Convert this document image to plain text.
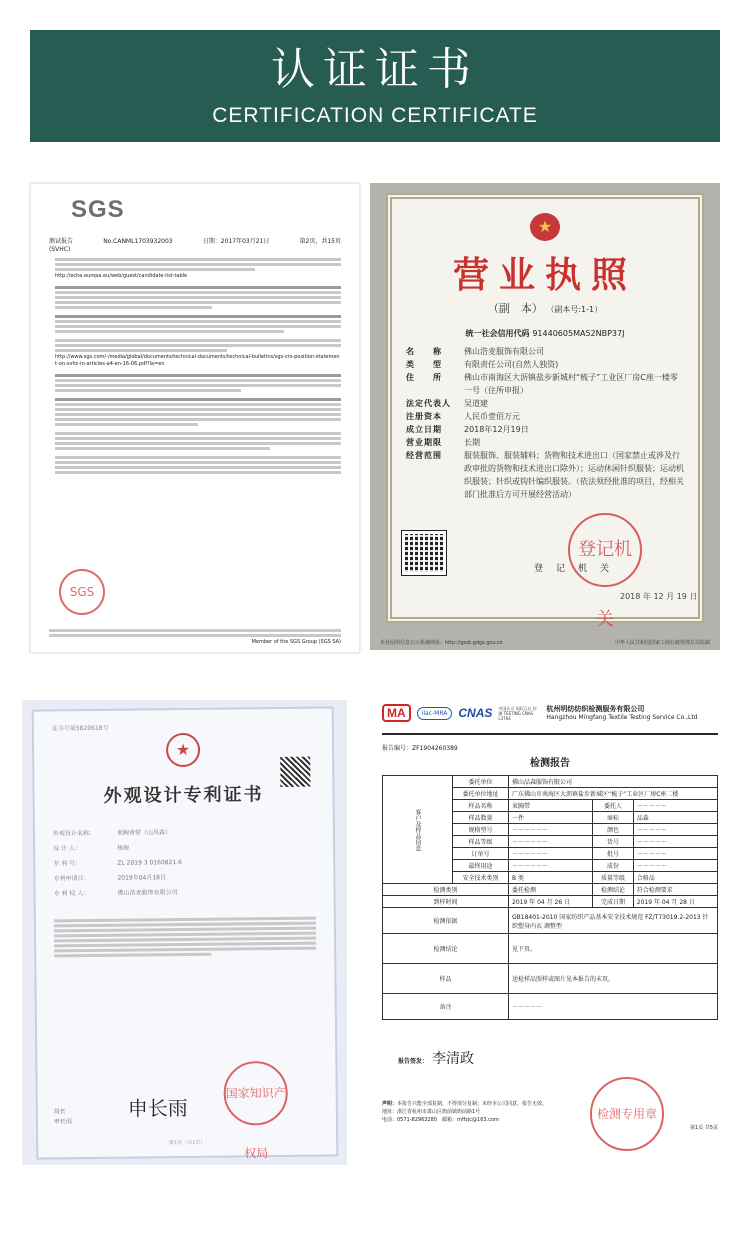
认证证书
CERTIFICATION CERTIFICATE
SGS
测试报告	No.CANML1703932003	日期：2017年03月21日	第2页，共15页
(SVHC)
http://echa.europa.eu/web/guest/candidate-list-table
http://www.sgs.com/-/media/global/documents/technical-documents/technical-bulletins/sgs-crs-position-statement-on-svhc-in-articles-a4-en-16-06.pdf?la=en
SGS
Member of the SGS Group (SGS SA)
★
营业执照
（副　本） （副本号:1-1）
统一社会信用代码 91440605MA52NBP37J
名　　称	佛山浩麦服饰有限公司
类　　型	有限责任公司(自然人独资)
住　　所	佛山市南海区大沥镇盐步新城村“梳子”工业区厂房C座一楼零一号（住所申报）
法定代表人	吴道建
注册资本	人民币壹佰万元
成立日期	2018年12月19日
营业期限	长期
经营范围	服装服饰、服装辅料；货物和技术进出口（国家禁止或涉及行政审批的货物和技术进出口除外）；运动休闲针织服装；运动机织服装；针织或钩针编织服装。（依法须经批准的项目，经相关部门批准后方可开展经营活动）
登记机关
登　记　机　关
2018 年 12 月 19 日
企业信用信息公示系统网址：http://gsxt.gdgs.gov.cn	中华人民共和国国家工商行政管理总局监制
证书号第5820618号
★
外观设计专利证书
外观设计名称：	束胸背带（山风森）
设 计 人：	杨海
专 利 号：	ZL 2019 3 0160821.6
专利申请日：	2019年04月18日
专 利 权 人：	佛山浩麦服饰有限公司
局长
申长雨
申长雨
国家知识产权局
第1页（共1页）
MA	ilac-MRA CNAS 中国认可 国际互认 检测 TESTING CNAS L3764
杭州明纺纺织检测服务有限公司
Hangzhou Mingfang Textile Testing Service Co.,Ltd
报告编号：ZF1904260389
检测报告
客户及样品信息	委托单位	佛山品森服饰有限公司		
	委托单位地址	广东佛山市南海区大沥镇盐步新城区“梳子”工业区厂房C座二楼		
	样品名称	束胸带	委托人	－－－－－
	样品数量	一件	商标	品森
	规格型号	－－－－－－	颜色	－－－－－
	样品等级	－－－－－－	货号	－－－－－
	订单号	－－－－－－	批号	－－－－－
	最终用途	－－－－－－	成份	－－－－－
	安全技术类别	B 类	质量等级	合格品
检测类别		委托检测	检测结论	符合检测要求
到样时间		2019 年 04 月 26 日	完成日期	2019 年 04 月 28 日
检测依据		GB18401-2010 国家纺织产品基本安全技术规范 FZ/T73019.2-2013 针织塑身内衣 调整型		
检测结论		见下页。		
样品		送检样品照样或图片见本报告的末页。		
备注		－－－－－		
报告签发： 李清政
声明：本报告只能全部复制，不得部分复制；未经本公司同意，报告无效。
地址：浙江省杭州市萧山区衙前镇衙前路1号
电话：0571-82963280　邮箱：mffzjc@163.com
第1页 共5页
检测专用章
